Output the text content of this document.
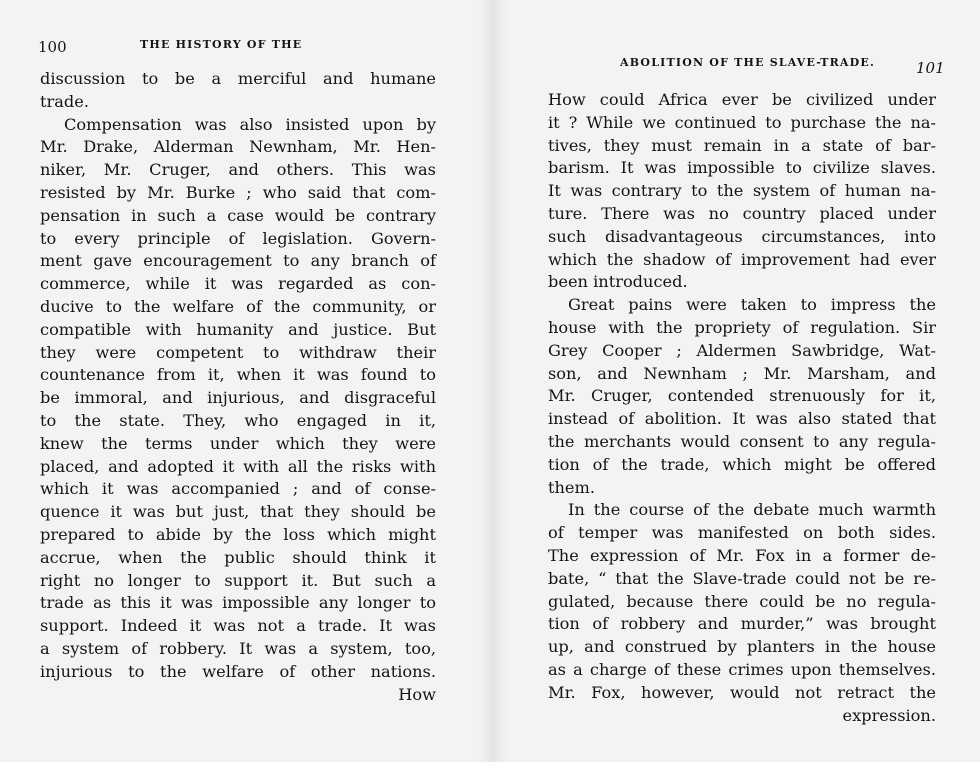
100	THE HISTORY OF THE
discussion to be a merciful and humane
trade.
Compensation was also insisted upon by
Mr. Drake, Alderman Newnham, Mr. Hen-
niker, Mr. Cruger, and others. This was
resisted by Mr. Burke ; who said that com-
pensation in such a case would be contrary
to every principle of legislation. Govern-
ment gave encouragement to any branch of
commerce, while it was regarded as con-
ducive to the welfare of the community, or
compatible with humanity and justice. But
they were competent to withdraw their
countenance from it, when it was found to
be immoral, and injurious, and disgraceful
to the state. They, who engaged in it,
knew the terms under which they were
placed, and adopted it with all the risks with
which it was accompanied ; and of conse-
quence it was but just, that they should be
prepared to abide by the loss which might
accrue, when the public should think it
right no longer to support it. But such a
trade as this it was impossible any longer to
support. Indeed it was not a trade. It was
a system of robbery. It was a system, too,
injurious to the welfare of other nations.
How
ABOLITION OF THE SLAVE-TRADE.	101
How could Africa ever be civilized under
it ? While we continued to purchase the na-
tives, they must remain in a state of bar-
barism. It was impossible to civilize slaves.
It was contrary to the system of human na-
ture. There was no country placed under
such disadvantageous circumstances, into
which the shadow of improvement had ever
been introduced.
Great pains were taken to impress the
house with the propriety of regulation. Sir
Grey Cooper ; Aldermen Sawbridge, Wat-
son, and Newnham ; Mr. Marsham, and
Mr. Cruger, contended strenuously for it,
instead of abolition. It was also stated that
the merchants would consent to any regula-
tion of the trade, which might be offered
them.
In the course of the debate much warmth
of temper was manifested on both sides.
The expression of Mr. Fox in a former de-
bate, “ that the Slave-trade could not be re-
gulated, because there could be no regula-
tion of robbery and murder,” was brought
up, and construed by planters in the house
as a charge of these crimes upon themselves.
Mr. Fox, however, would not retract the
expression.
